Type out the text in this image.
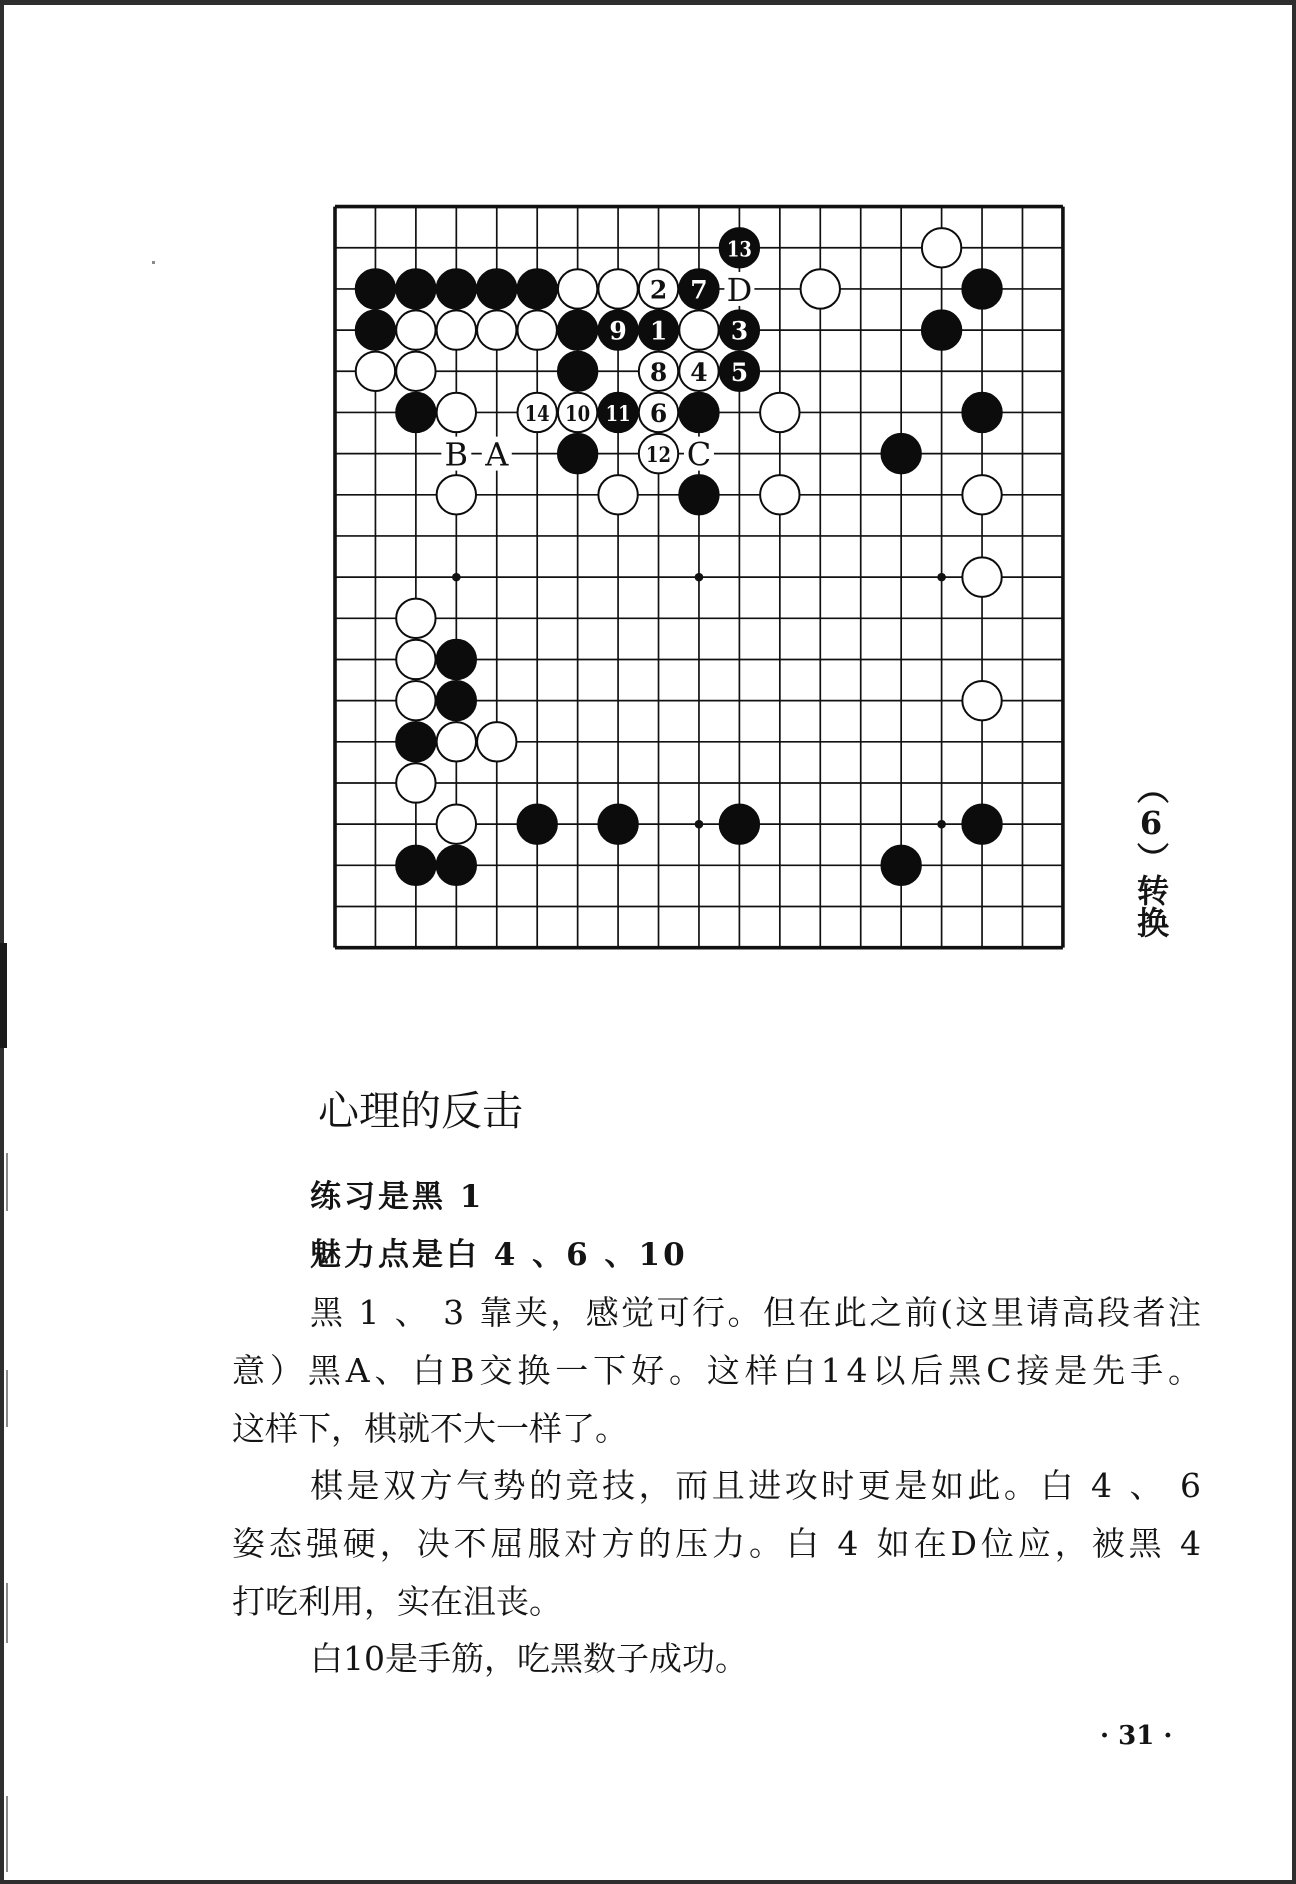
D
B A	C
13
2 7
9 1	3
8 4 5
14 10 11 6
12
（6）转换
心理的反击
练习是黑 1
魅力点是白 4 、6 、10
黑 1 、 3 靠夹，感觉可行。但在此之前(这里请高段者注
意）黑A、白B交换一下好。这样白14以后黑C接是先手。
这样下，棋就不大一样了。
棋是双方气势的竞技，而且进攻时更是如此。白 4 、 6
姿态强硬，决不屈服对方的压力。白 4 如在D位应，被黑 4
打吃利用，实在沮丧。
白10是手筋，吃黑数子成功。
· 31 ·
